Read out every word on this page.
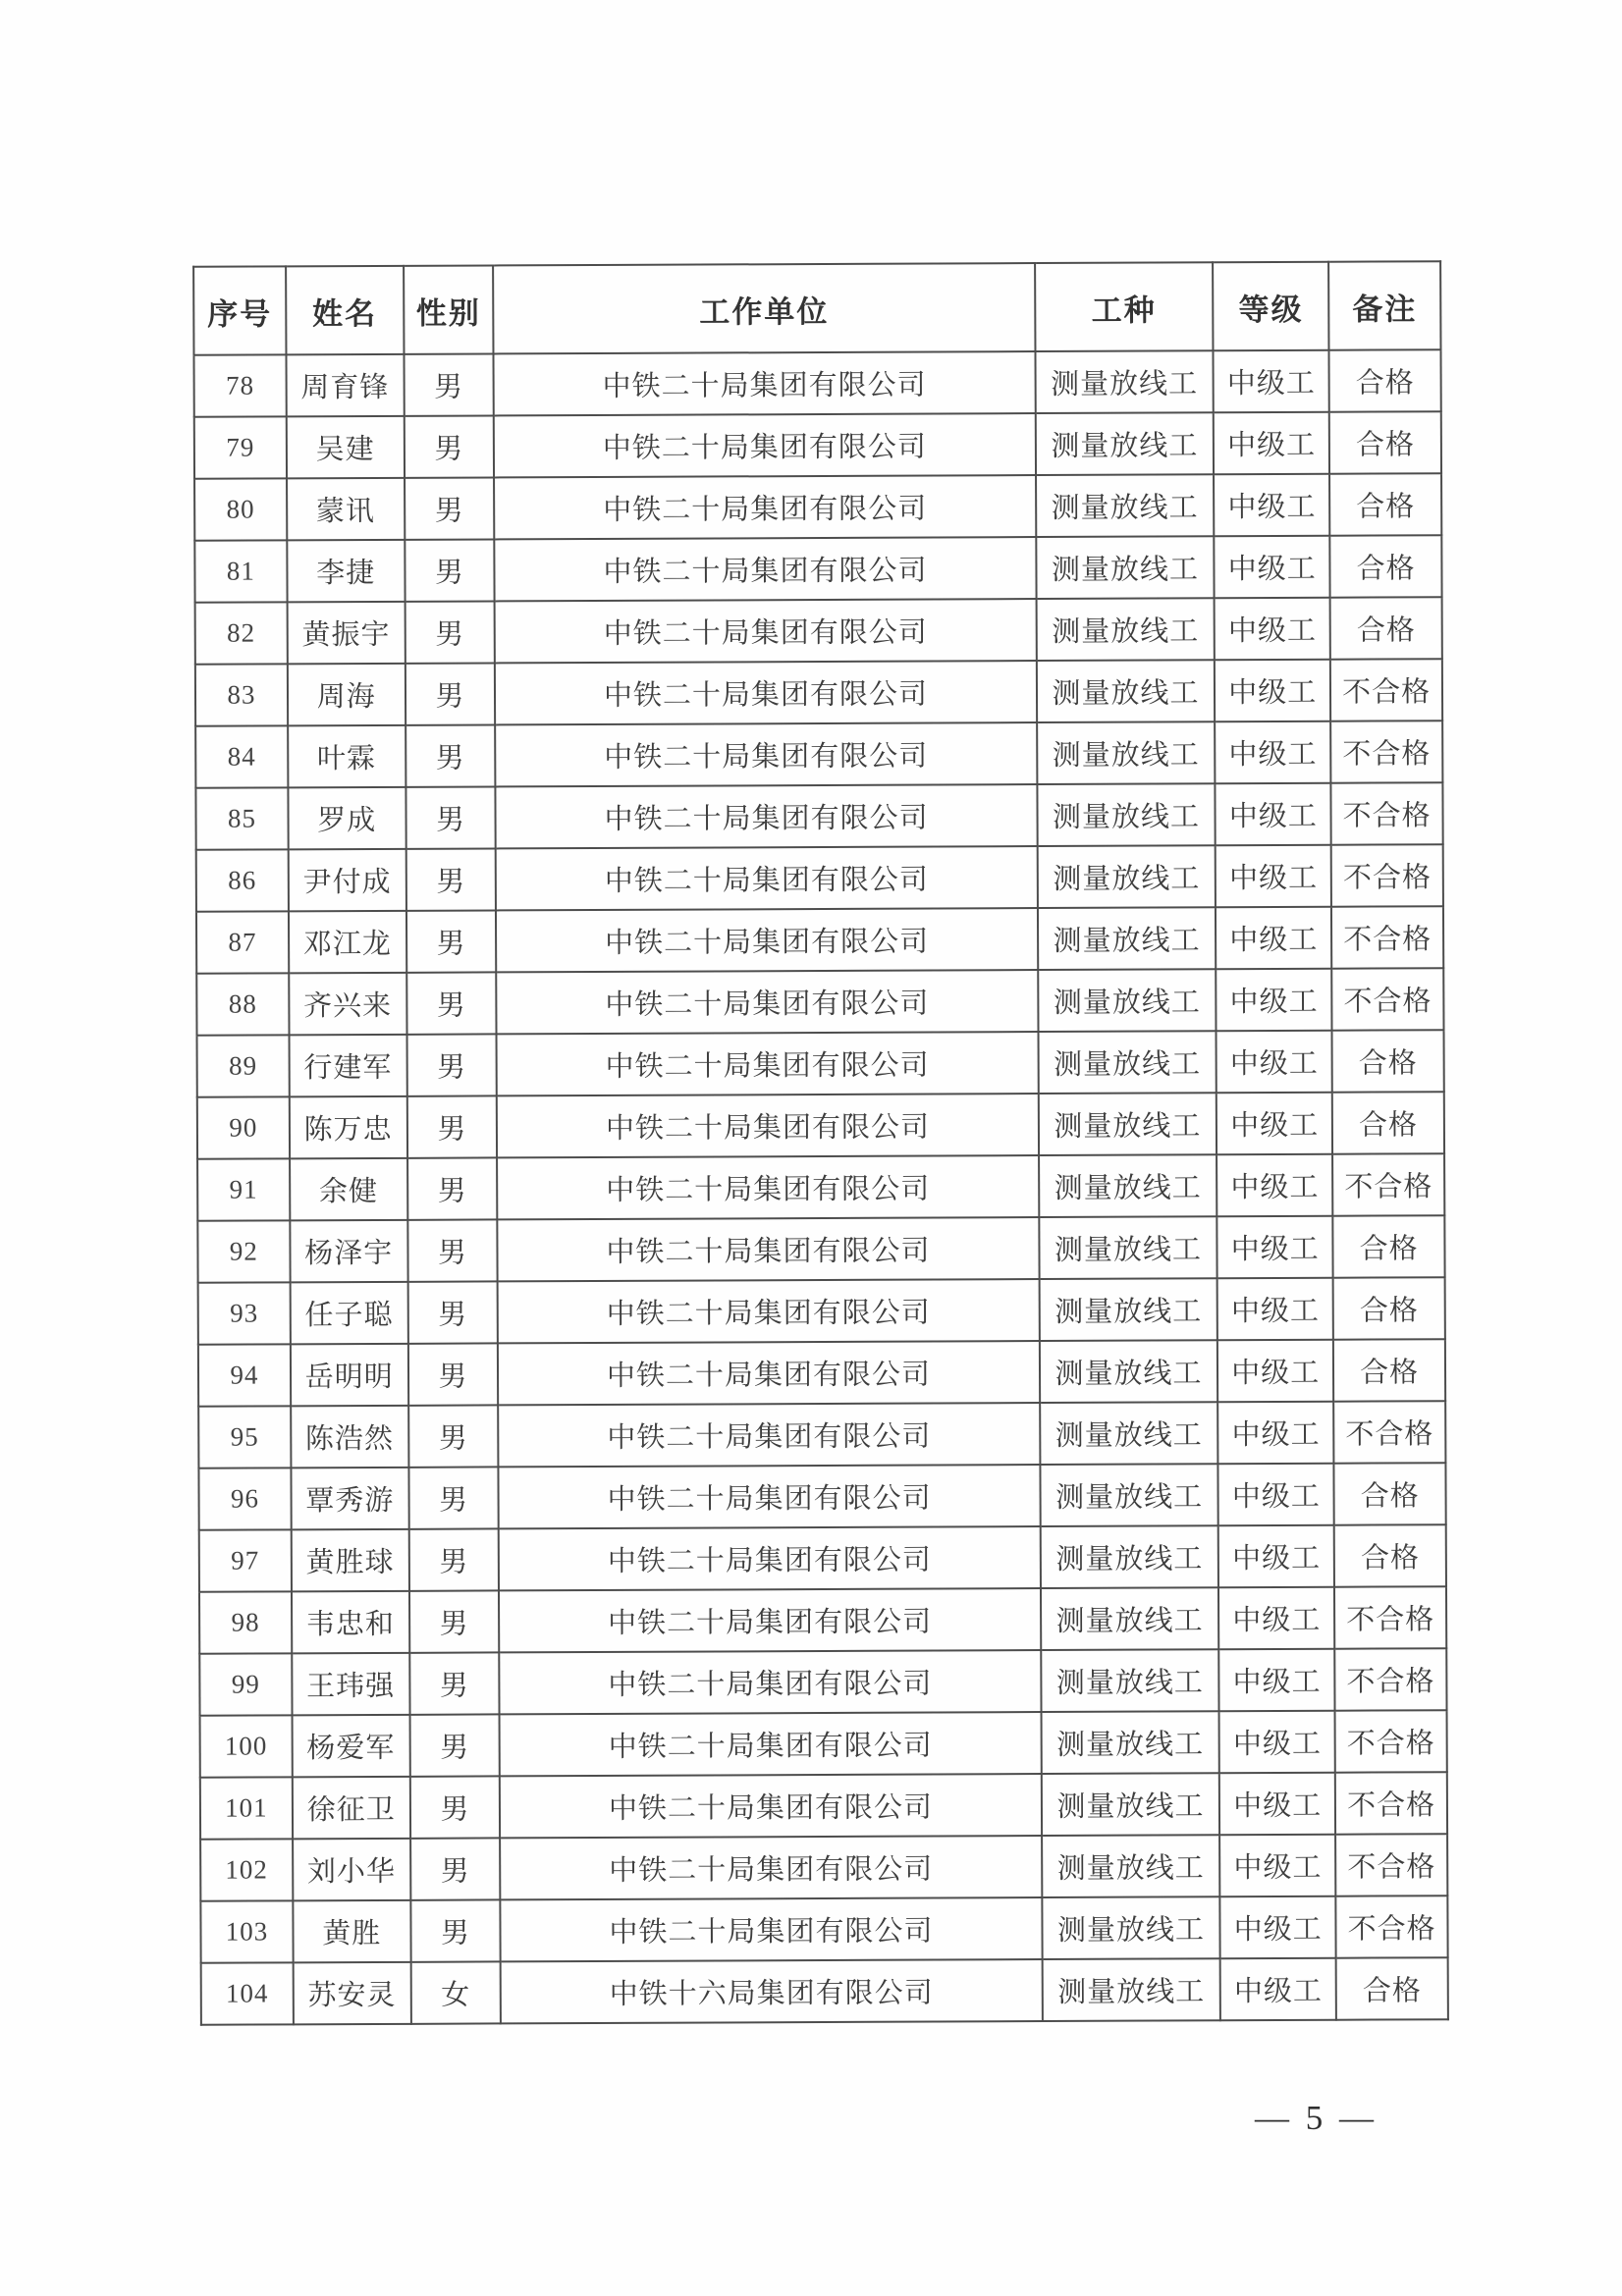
序号	姓名	性别	工作单位	工种	等级	备注
78	周育锋	男	中铁二十局集团有限公司	测量放线工	中级工	合格
79	吴建	男	中铁二十局集团有限公司	测量放线工	中级工	合格
80	蒙讯	男	中铁二十局集团有限公司	测量放线工	中级工	合格
81	李捷	男	中铁二十局集团有限公司	测量放线工	中级工	合格
82	黄振宇	男	中铁二十局集团有限公司	测量放线工	中级工	合格
83	周海	男	中铁二十局集团有限公司	测量放线工	中级工	不合格
84	叶霖	男	中铁二十局集团有限公司	测量放线工	中级工	不合格
85	罗成	男	中铁二十局集团有限公司	测量放线工	中级工	不合格
86	尹付成	男	中铁二十局集团有限公司	测量放线工	中级工	不合格
87	邓江龙	男	中铁二十局集团有限公司	测量放线工	中级工	不合格
88	齐兴来	男	中铁二十局集团有限公司	测量放线工	中级工	不合格
89	行建军	男	中铁二十局集团有限公司	测量放线工	中级工	合格
90	陈万忠	男	中铁二十局集团有限公司	测量放线工	中级工	合格
91	余健	男	中铁二十局集团有限公司	测量放线工	中级工	不合格
92	杨泽宇	男	中铁二十局集团有限公司	测量放线工	中级工	合格
93	任子聪	男	中铁二十局集团有限公司	测量放线工	中级工	合格
94	岳明明	男	中铁二十局集团有限公司	测量放线工	中级工	合格
95	陈浩然	男	中铁二十局集团有限公司	测量放线工	中级工	不合格
96	覃秀游	男	中铁二十局集团有限公司	测量放线工	中级工	合格
97	黄胜球	男	中铁二十局集团有限公司	测量放线工	中级工	合格
98	韦忠和	男	中铁二十局集团有限公司	测量放线工	中级工	不合格
99	王玮强	男	中铁二十局集团有限公司	测量放线工	中级工	不合格
100	杨爱军	男	中铁二十局集团有限公司	测量放线工	中级工	不合格
101	徐征卫	男	中铁二十局集团有限公司	测量放线工	中级工	不合格
102	刘小华	男	中铁二十局集团有限公司	测量放线工	中级工	不合格
103	黄胜	男	中铁二十局集团有限公司	测量放线工	中级工	不合格
104	苏安灵	女	中铁十六局集团有限公司	测量放线工	中级工	合格
— 5 —
